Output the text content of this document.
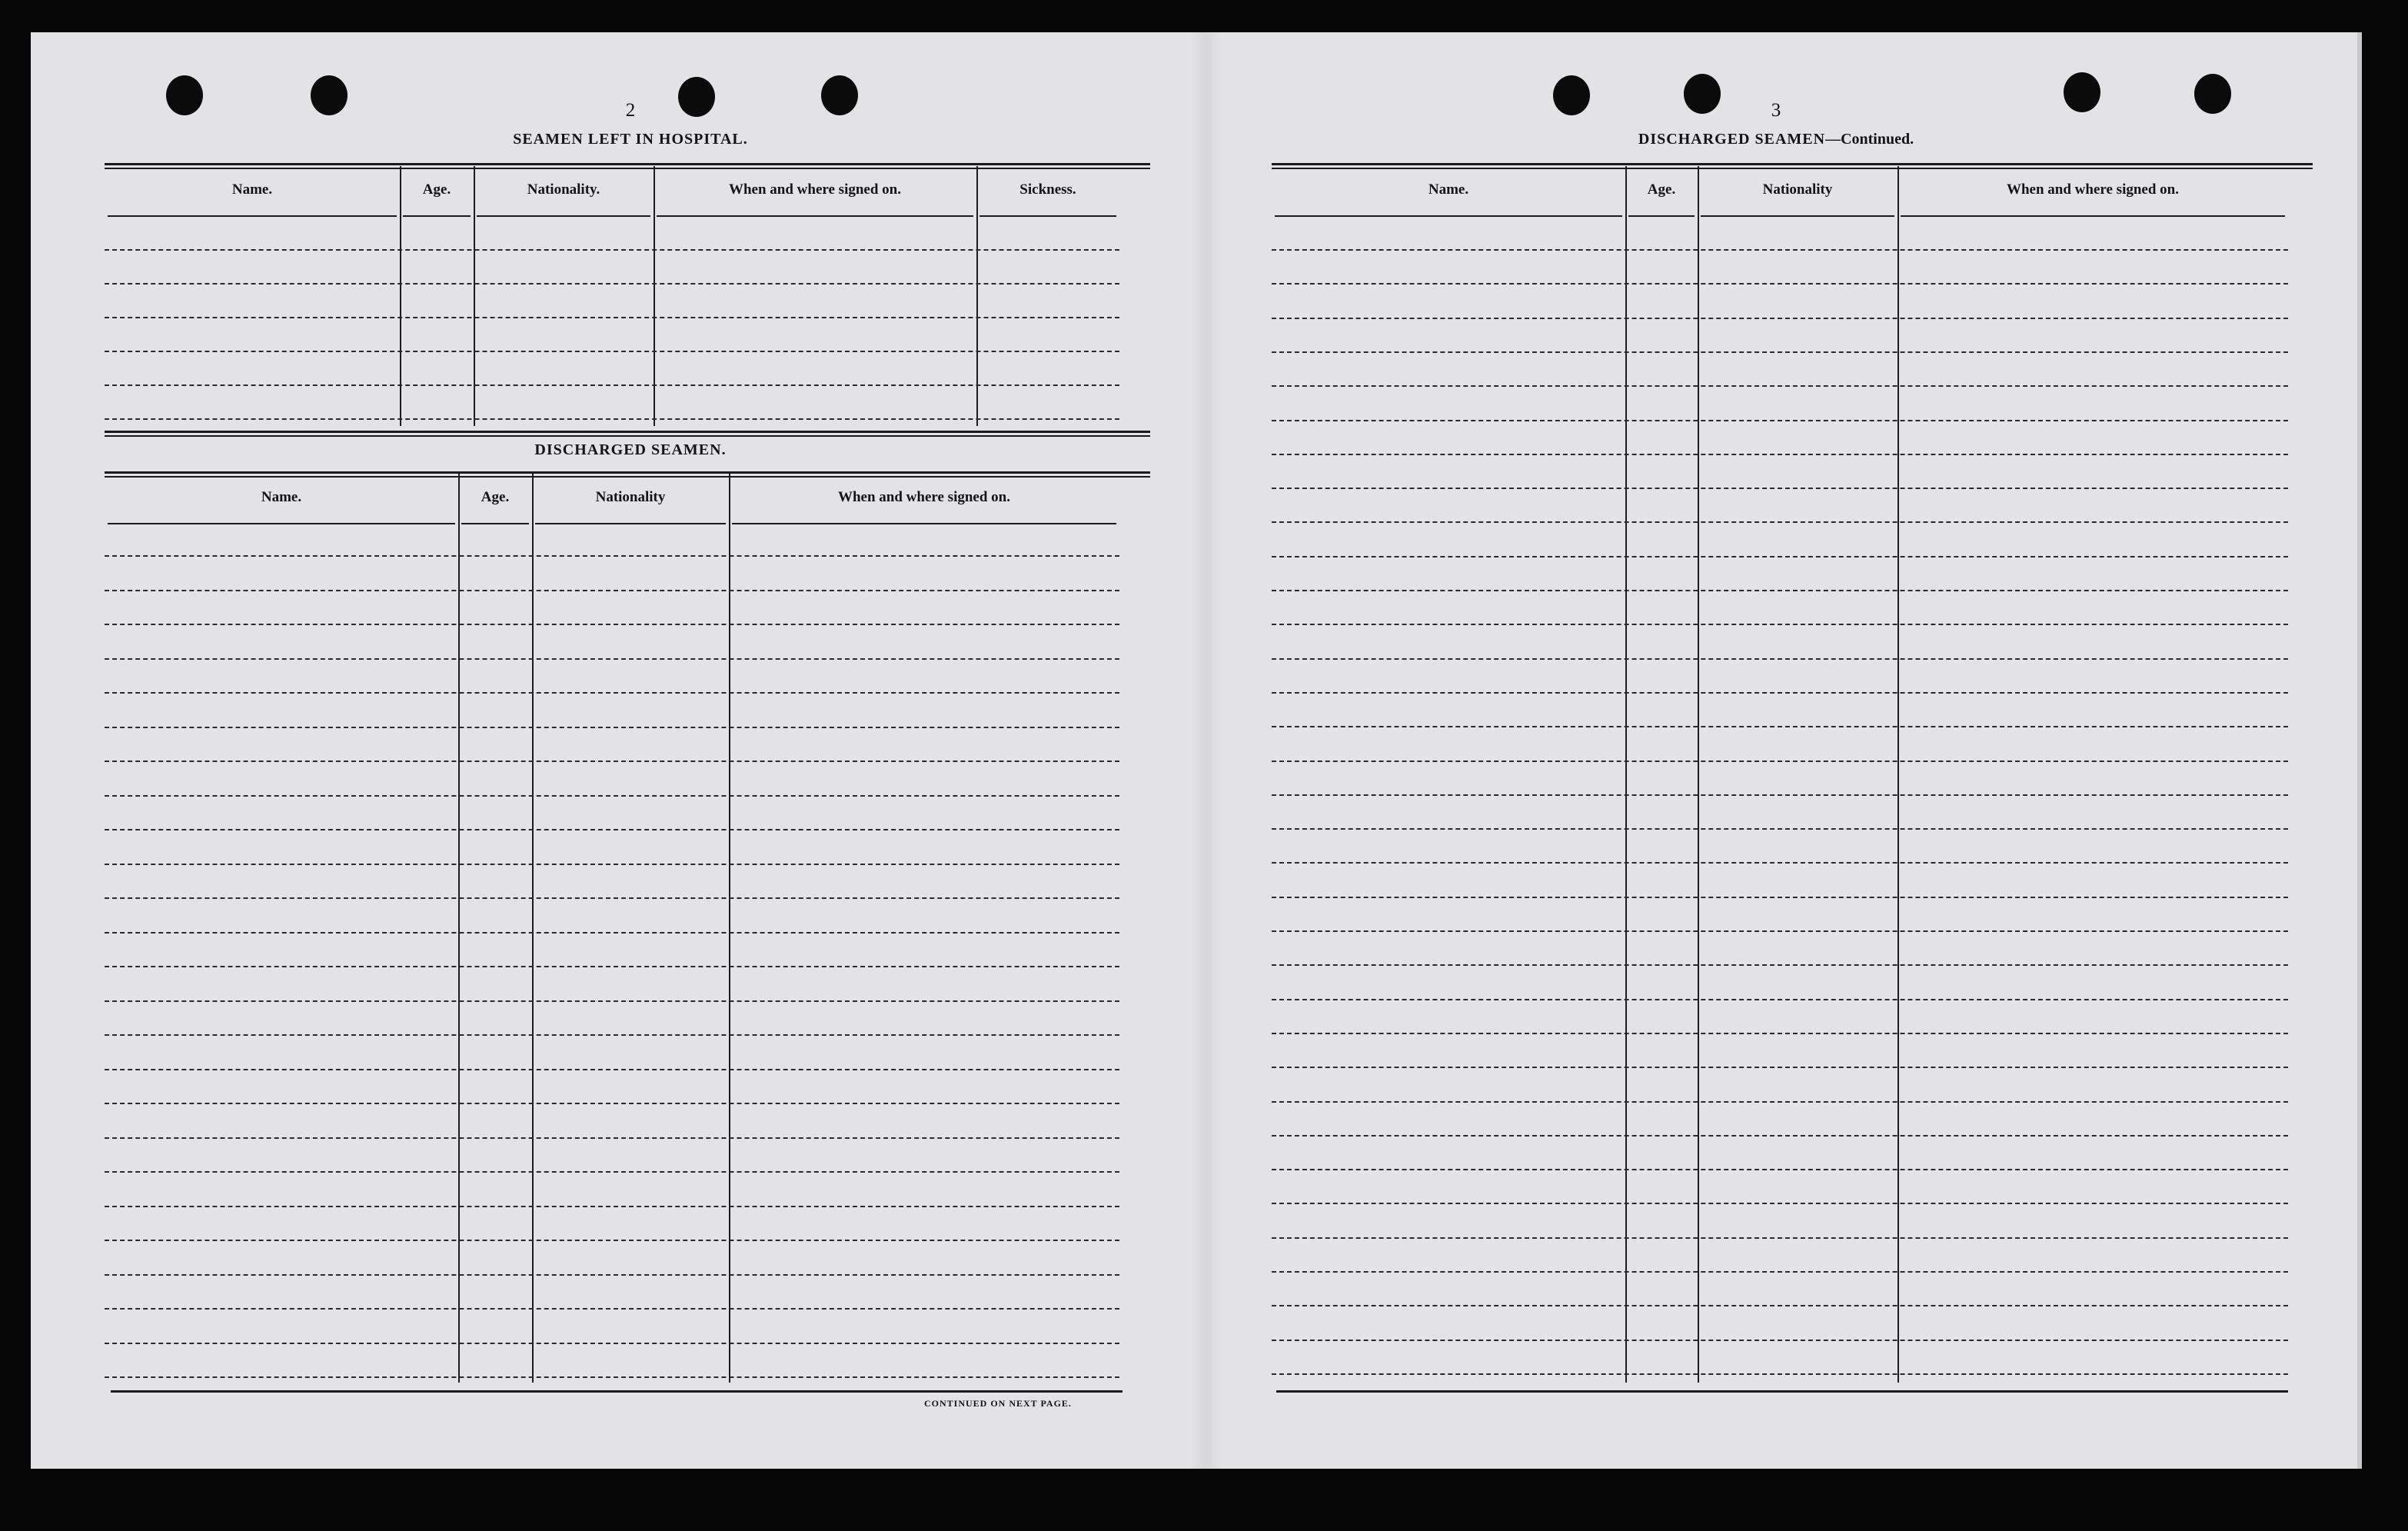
2
SEAMEN LEFT IN HOSPITAL.
DISCHARGED SEAMEN.
CONTINUED ON NEXT PAGE.
3
DISCHARGED SEAMEN—Continued.
Name.	Age.	Nationality.	When and where signed on.	Sickness.
Name.	Age.	Nationality	When and where signed on.
Name.	Age.	Nationality	When and where signed on.
